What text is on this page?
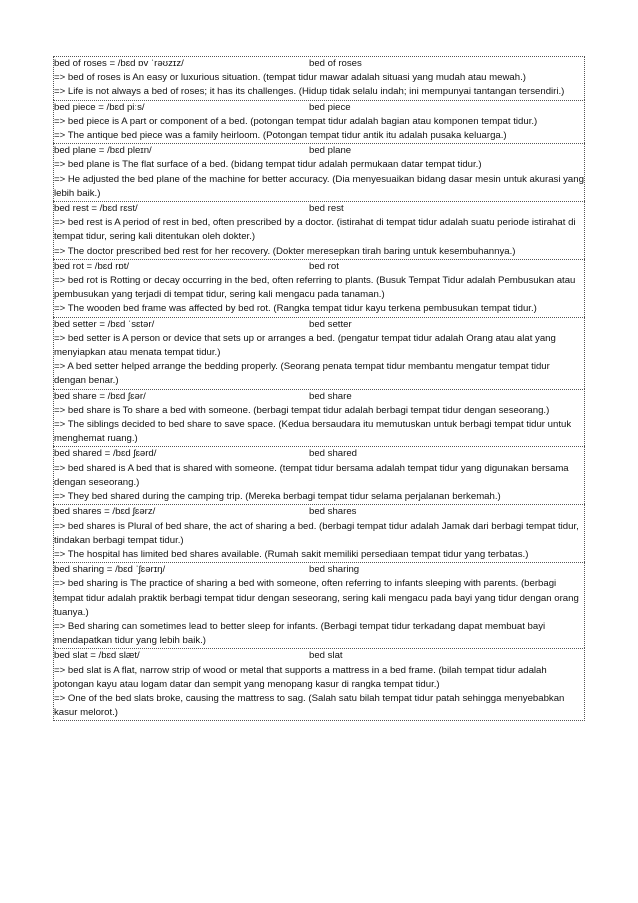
bed of roses = /bɛd ɒv ˈrəʊzɪz/	bed of roses
=> bed of roses is An easy or luxurious situation. (tempat tidur mawar adalah situasi yang mudah atau mewah.)
=> Life is not always a bed of roses; it has its challenges. (Hidup tidak selalu indah; ini mempunyai tantangan tersendiri.)
bed piece = /bɛd piːs/	bed piece
=> bed piece is A part or component of a bed. (potongan tempat tidur adalah bagian atau komponen tempat tidur.)
=> The antique bed piece was a family heirloom. (Potongan tempat tidur antik itu adalah pusaka keluarga.)
bed plane = /bɛd pleɪn/	bed plane
=> bed plane is The flat surface of a bed. (bidang tempat tidur adalah permukaan datar tempat tidur.)
=> He adjusted the bed plane of the machine for better accuracy. (Dia menyesuaikan bidang dasar mesin untuk akurasi yang lebih baik.)
bed rest = /bɛd rɛst/	bed rest
=> bed rest is A period of rest in bed, often prescribed by a doctor. (istirahat di tempat tidur adalah suatu periode istirahat di tempat tidur, sering kali ditentukan oleh dokter.)
=> The doctor prescribed bed rest for her recovery. (Dokter meresepkan tirah baring untuk kesembuhannya.)
bed rot = /bɛd rɒt/	bed rot
=> bed rot is Rotting or decay occurring in the bed, often referring to plants. (Busuk Tempat Tidur adalah Pembusukan atau pembusukan yang terjadi di tempat tidur, sering kali mengacu pada tanaman.)
=> The wooden bed frame was affected by bed rot. (Rangka tempat tidur kayu terkena pembusukan tempat tidur.)
bed setter = /bɛd ˈsɛtər/	bed setter
=> bed setter is A person or device that sets up or arranges a bed. (pengatur tempat tidur adalah Orang atau alat yang menyiapkan atau menata tempat tidur.)
=> A bed setter helped arrange the bedding properly. (Seorang penata tempat tidur membantu mengatur tempat tidur dengan benar.)
bed share = /bɛd ʃɛər/	bed share
=> bed share is To share a bed with someone. (berbagi tempat tidur adalah berbagi tempat tidur dengan seseorang.)
=> The siblings decided to bed share to save space. (Kedua bersaudara itu memutuskan untuk berbagi tempat tidur untuk menghemat ruang.)
bed shared = /bɛd ʃɛərd/	bed shared
=> bed shared is A bed that is shared with someone. (tempat tidur bersama adalah tempat tidur yang digunakan bersama dengan seseorang.)
=> They bed shared during the camping trip. (Mereka berbagi tempat tidur selama perjalanan berkemah.)
bed shares = /bɛd ʃɛərz/	bed shares
=> bed shares is Plural of bed share, the act of sharing a bed. (berbagi tempat tidur adalah Jamak dari berbagi tempat tidur, tindakan berbagi tempat tidur.)
=> The hospital has limited bed shares available. (Rumah sakit memiliki persediaan tempat tidur yang terbatas.)
bed sharing = /bɛd ˈʃɛərɪŋ/	bed sharing
=> bed sharing is The practice of sharing a bed with someone, often referring to infants sleeping with parents. (berbagi tempat tidur adalah praktik berbagi tempat tidur dengan seseorang, sering kali mengacu pada bayi yang tidur dengan orang tuanya.)
=> Bed sharing can sometimes lead to better sleep for infants. (Berbagi tempat tidur terkadang dapat membuat bayi mendapatkan tidur yang lebih baik.)
bed slat = /bɛd slæt/	bed slat
=> bed slat is A flat, narrow strip of wood or metal that supports a mattress in a bed frame. (bilah tempat tidur adalah potongan kayu atau logam datar dan sempit yang menopang kasur di rangka tempat tidur.)
=> One of the bed slats broke, causing the mattress to sag. (Salah satu bilah tempat tidur patah sehingga menyebabkan kasur melorot.)
